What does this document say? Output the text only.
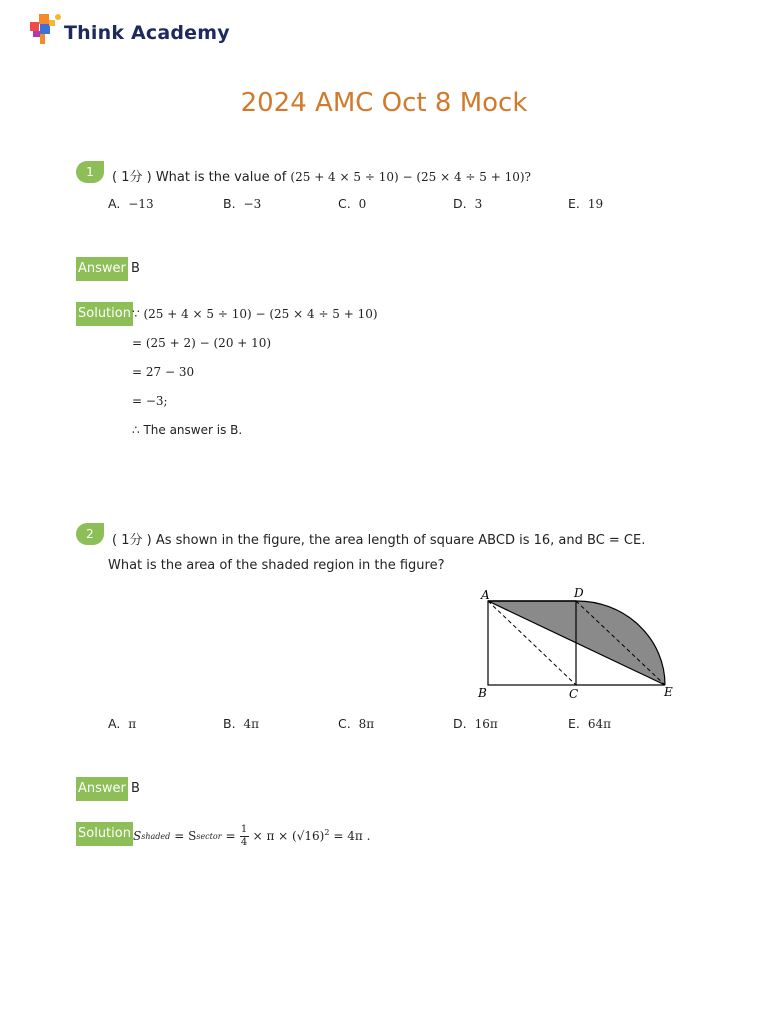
Think Academy
2024 AMC Oct 8 Mock
1	( 1分 ) What is the value of (25 + 4 × 5 ÷ 10) − (25 × 4 ÷ 5 + 10)?
A. −13	B. −3	C. 0	D. 3	E. 19
Answer B
Solution ∵ (25 + 4 × 5 ÷ 10) − (25 × 4 ÷ 5 + 10)
= (25 + 2) − (20 + 10)
= 27 − 30
= −3;
∴ The answer is B.
2	( 1分 ) As shown in the figure, the area length of square ABCD is 16, and BC = CE.
What is the area of the shaded region in the figure?
A	D
B	C	E
A. π	B. 4π	C. 8π	D. 16π	E. 64π
Answer B
Solution S shaded = S sector = $\frac{1}{4} \times \pi \times (√16)^2 = 4\pi$ .
